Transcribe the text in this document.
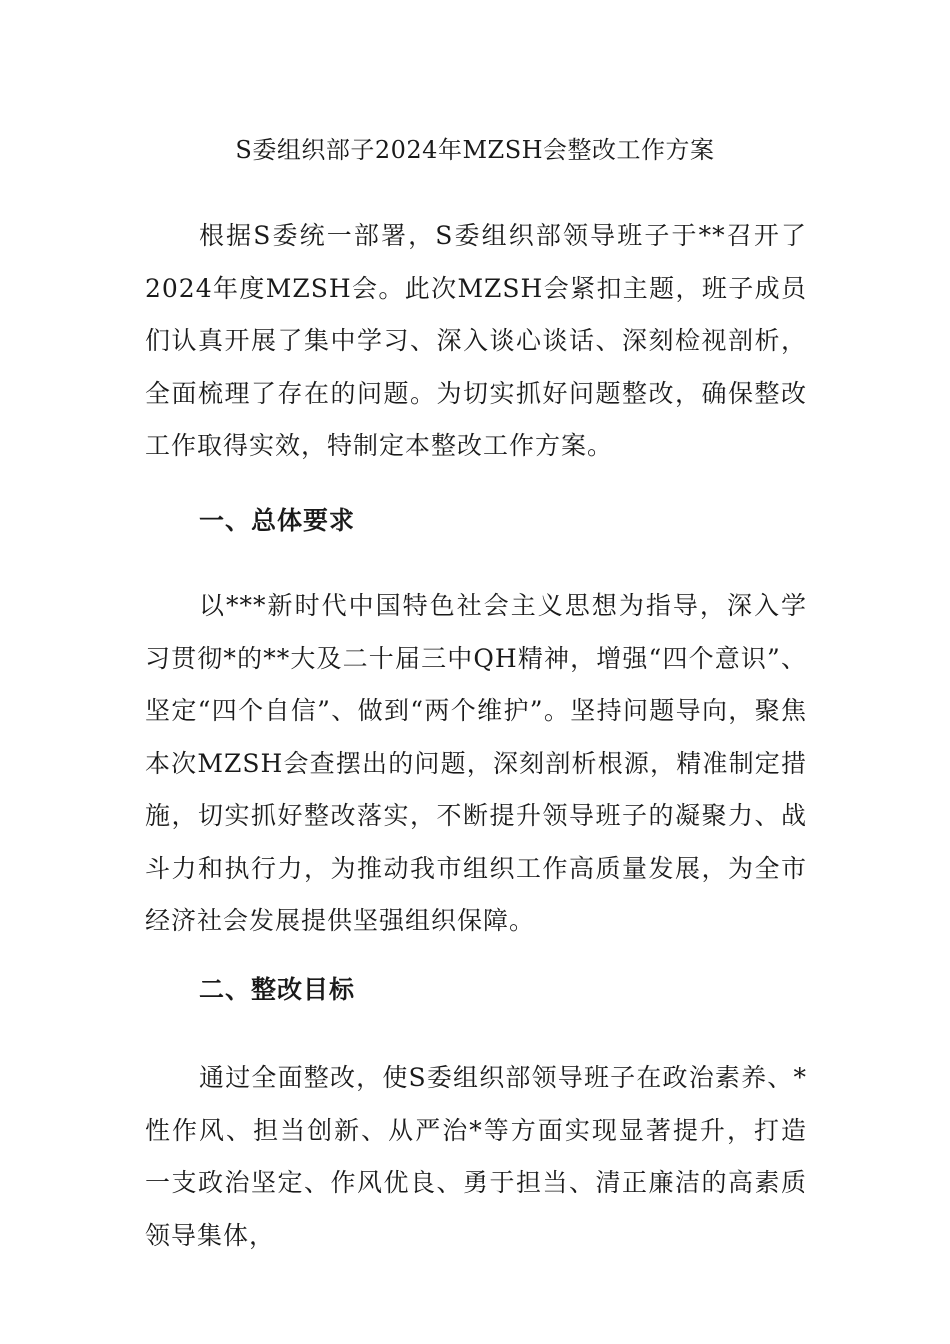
S委组织部子2024年MZSH会整改工作方案

根据S委统一部署，S委组织部领导班子于**召开了2024年度MZSH会。此次MZSH会紧扣主题，班子成员们认真开展了集中学习、深入谈心谈话、深刻检视剖析，全面梳理了存在的问题。为切实抓好问题整改，确保整改工作取得实效，特制定本整改工作方案。

一、总体要求

以***新时代中国特色社会主义思想为指导，深入学习贯彻*的**大及二十届三中QH精神，增强“四个意识”、坚定“四个自信”、做到“两个维护”。坚持问题导向，聚焦本次MZSH会查摆出的问题，深刻剖析根源，精准制定措施，切实抓好整改落实，不断提升领导班子的凝聚力、战斗力和执行力，为推动我市组织工作高质量发展，为全市经济社会发展提供坚强组织保障。

二、整改目标

通过全面整改，使S委组织部领导班子在政治素养、*性作风、担当创新、从严治*等方面实现显著提升，打造一支政治坚定、作风优良、勇于担当、清正廉洁的高素质领导集体，
